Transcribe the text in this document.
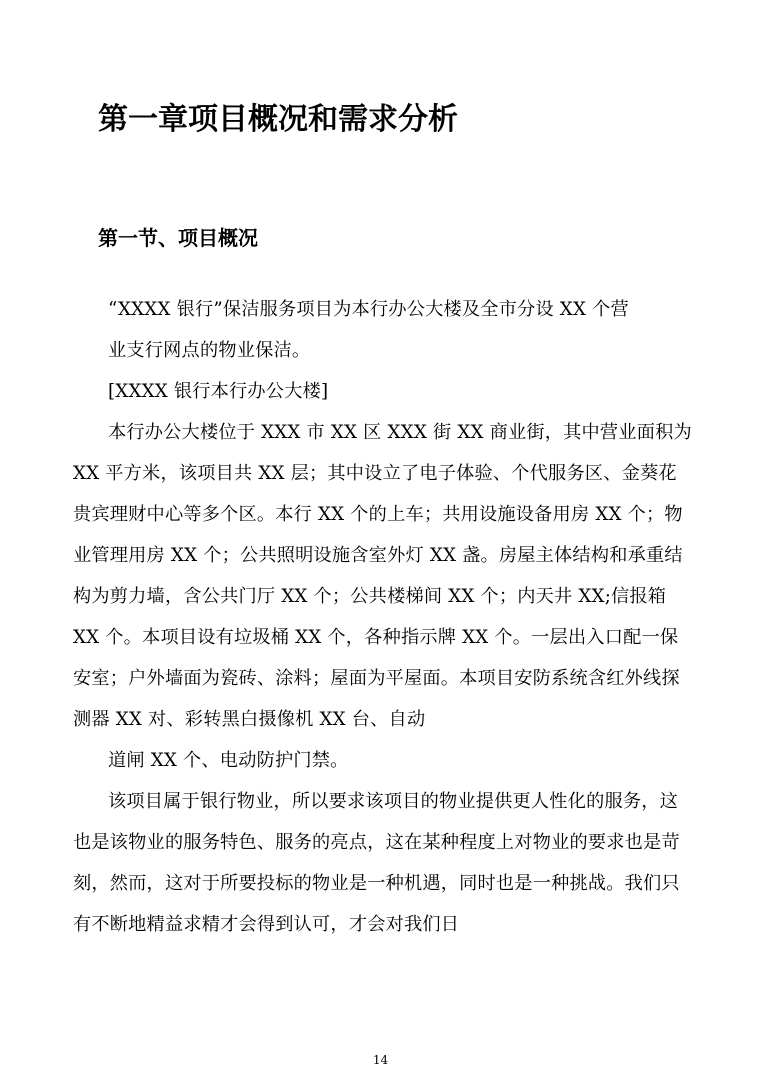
第一章项目概况和需求分析
第一节、项目概况

“XXXX 银行”保洁服务项目为本行办公大楼及全市分设 XX 个营

业支行网点的物业保洁。

[XXXX 银行本行办公大楼]

本行办公大楼位于 XXX 市 XX 区 XXX 街 XX 商业街，其中营业面积为

XX 平方米，该项目共 XX 层；其中设立了电子体验、个代服务区、金葵花

贵宾理财中心等多个区。本行 XX 个的上车；共用设施设备用房 XX 个；物

业管理用房 XX 个；公共照明设施含室外灯 XX 盏。房屋主体结构和承重结

构为剪力墙，含公共门厅 XX 个；公共楼梯间 XX 个；内天井 XX;信报箱

XX 个。本项目设有垃圾桶 XX 个，各种指示牌 XX 个。一层出入口配一保

安室；户外墙面为瓷砖、涂料；屋面为平屋面。本项目安防系统含红外线探

测器 XX 对、彩转黑白摄像机 XX 台、自动

道闸 XX 个、电动防护门禁。

该项目属于银行物业，所以要求该项目的物业提供更人性化的服务，这

也是该物业的服务特色、服务的亮点，这在某种程度上对物业的要求也是苛

刻，然而，这对于所要投标的物业是一种机遇，同时也是一种挑战。我们只

有不断地精益求精才会得到认可，才会对我们日

14
